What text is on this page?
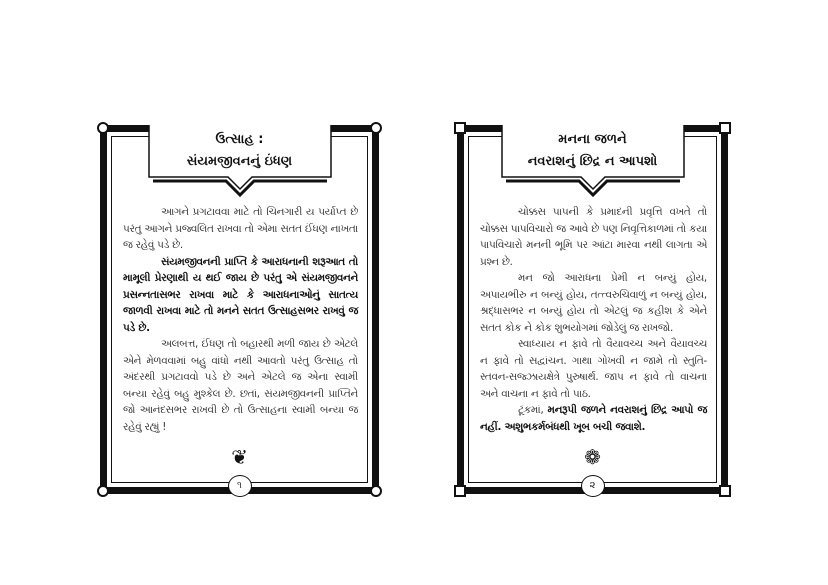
ઉત્સાહ :
સંયમજીવનનું ઇંધણ

આગને પ્રગટાવવા માટે તો ચિનગારી ય પર્યાપ્ત છે પરંતુ આગને પ્રજ્વલિત રાખવા તો એમા સતત ઈંધણ નાખતા જ રહેવું પડે છે.

સંયમજીવનની પ્રાપ્તિ કે આરાધનાની શરૂઆત તો મામૂલી પ્રેરણાથી ય થઈ જાય છે પરંતુ એ સંયમજીવનને પ્રસન્નતાસભર રાખવા માટે કે આરાધનાઓનું સાતત્ય જાળવી રાખવા માટે તો મનને સતત ઉત્સાહસભર રાખવું જ પડે છે.

અલબત્ત, ઈંધણ તો બહારથી મળી જાય છે એટલે એને મેળવવામાં બહુ વાંધો નથી આવતો પરંતુ ઉત્સાહ તો અંદરથી પ્રગટાવવો પડે છે અને એટલે જ એના સ્વામી બન્યા રહેવું બહુ મુશ્કેલ છે. છતાં, સંયમજીવનની પ્રાપ્તિને જો આનંદસભર રાખવી છે તો ઉત્સાહના સ્વામી બન્યા જ રહેવું રહ્યું !

❦
૧
મનના જળને
નવરાશનું છિદ્ર ન આપશો

ચોક્કસ પાપની કે પ્રમાદની પ્રવૃત્તિ વખતે તો ચોક્કસ પાપવિચારો જ આવે છે પણ નિવૃત્તિકાળમાં તો કયા પાપવિચારો મનની ભૂમિ પર આંટા મારવા નથી લાગતા એ પ્રશ્ન છે.

મન જો આરાધના પ્રેમી ન બન્યું હોય, અપાયભીરુ ન બન્યું હોય, તત્ત્વરુચિવાળું ન બન્યું હોય, શ્રદ્ધાસભર ન બન્યું હોય તો એટલું જ કહીશ કે એને સતત કોક ને કોક શુભયોગમાં જોડેલું જ રાખજો.

સ્વાધ્યાય ન ફાવે તો વૈયાવચ્ચ અને વૈયાવચ્ચ ન ફાવે તો સદ્વાંચન. ગાથા ગોખવી ન જામે તો સ્તુતિ-સ્તવન-સજ્ઝાયક્ષેત્રે પુરુષાર્થ. જાપ ન ફાવે તો વાચના અને વાચના ન ફાવે તો પાઠ.

ટૂંકમાં, મનરૂપી જળને નવરાશનું છિદ્ર આપો જ નહીં. અશુભકર્મબંધથી ખૂબ બચી જવાશે.

❁
૨
